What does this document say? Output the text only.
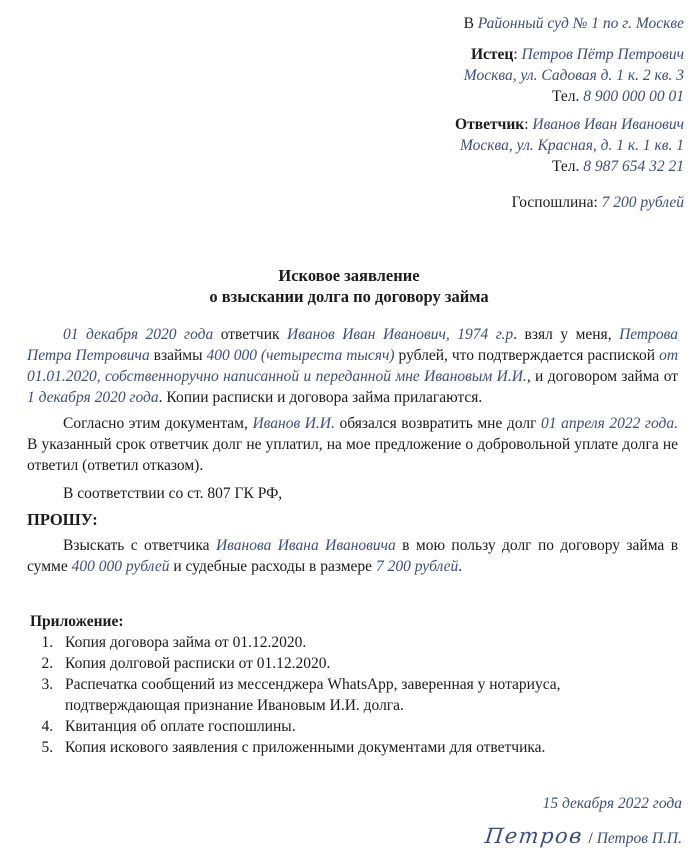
В Районный суд № 1 по г. Москве
Истец: Петров Пётр Петрович
Москва, ул. Садовая д. 1 к. 2 кв. 3
Тел. 8 900 000 00 01
Ответчик: Иванов Иван Иванович
Москва, ул. Красная, д. 1 к. 1 кв. 1
Тел. 8 987 654 32 21
Госпошлина: 7 200 рублей
Исковое заявление
о взыскании долга по договору займа

01 декабря 2020 года ответчик Иванов Иван Иванович, 1974 г.р. взял у меня, Петрова Петра Петровича взаймы 400 000 (четыреста тысяч) рублей, что подтверждается распиской от 01.01.2020, собственноручно написанной и переданной мне Ивановым И.И., и договором займа от 1 декабря 2020 года. Копии расписки и договора займа прилагаются.

Согласно этим документам, Иванов И.И. обязался возвратить мне долг 01 апреля 2022 года. В указанный срок ответчик долг не уплатил, на мое предложение о добровольной уплате долга не ответил (ответил отказом).

В соответствии со ст. 807 ГК РФ,

ПРОШУ:

Взыскать с ответчика Иванова Ивана Ивановича в мою пользу долг по договору займа в сумме 400 000 рублей и судебные расходы в размере 7 200 рублей.

Приложение:
1. Копия договора займа от 01.12.2020.
2. Копия долговой расписки от 01.12.2020.
3. Распечатка сообщений из мессенджера WhatsApp, заверенная у нотариуса, подтверждающая признание Ивановым И.И. долга.
4. Квитанция об оплате госпошлины.
5. Копия искового заявления с приложенными документами для ответчика.
15 декабря 2022 года
Петров / Петров П.П.
